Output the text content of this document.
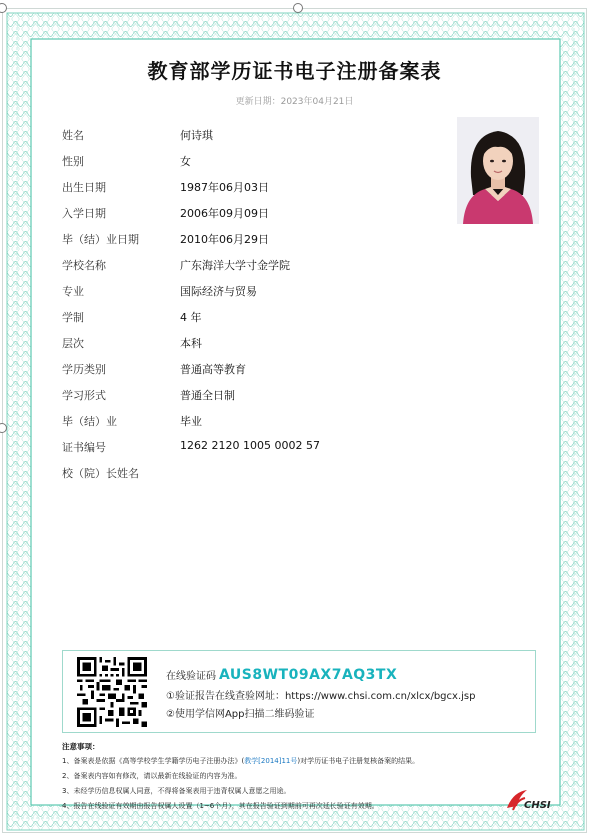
教育部学历证书电子注册备案表
更新日期：2023年04月21日
姓名	何诗琪
性别	女
出生日期	1987年06月03日
入学日期	2006年09月09日
毕（结）业日期	2010年06月29日
学校名称	广东海洋大学寸金学院
专业	国际经济与贸易
学制	4 年
层次	本科
学历类别	普通高等教育
学习形式	普通全日制
毕（结）业	毕业
证书编号	1262 2120 1005 0002 57
校（院）长姓名
在线验证码 AUS8WT09AX7AQ3TX
①验证报告在线查验网址：https://www.chsi.com.cn/xlcx/bgcx.jsp
②使用学信网App扫描二维码验证
注意事项：
1、备案表是依据《高等学校学生学籍学历电子注册办法》(教学[2014]11号)对学历证书电子注册复核备案的结果。
2、备案表内容如有修改，请以最新在线验证的内容为准。
3、未经学历信息权属人同意，不得将备案表用于违背权属人意愿之用途。
4、报告在线验证有效期由报告权属人设置（1~6个月），其在报告验证到期前可再次延长验证有效期。	CHSI
